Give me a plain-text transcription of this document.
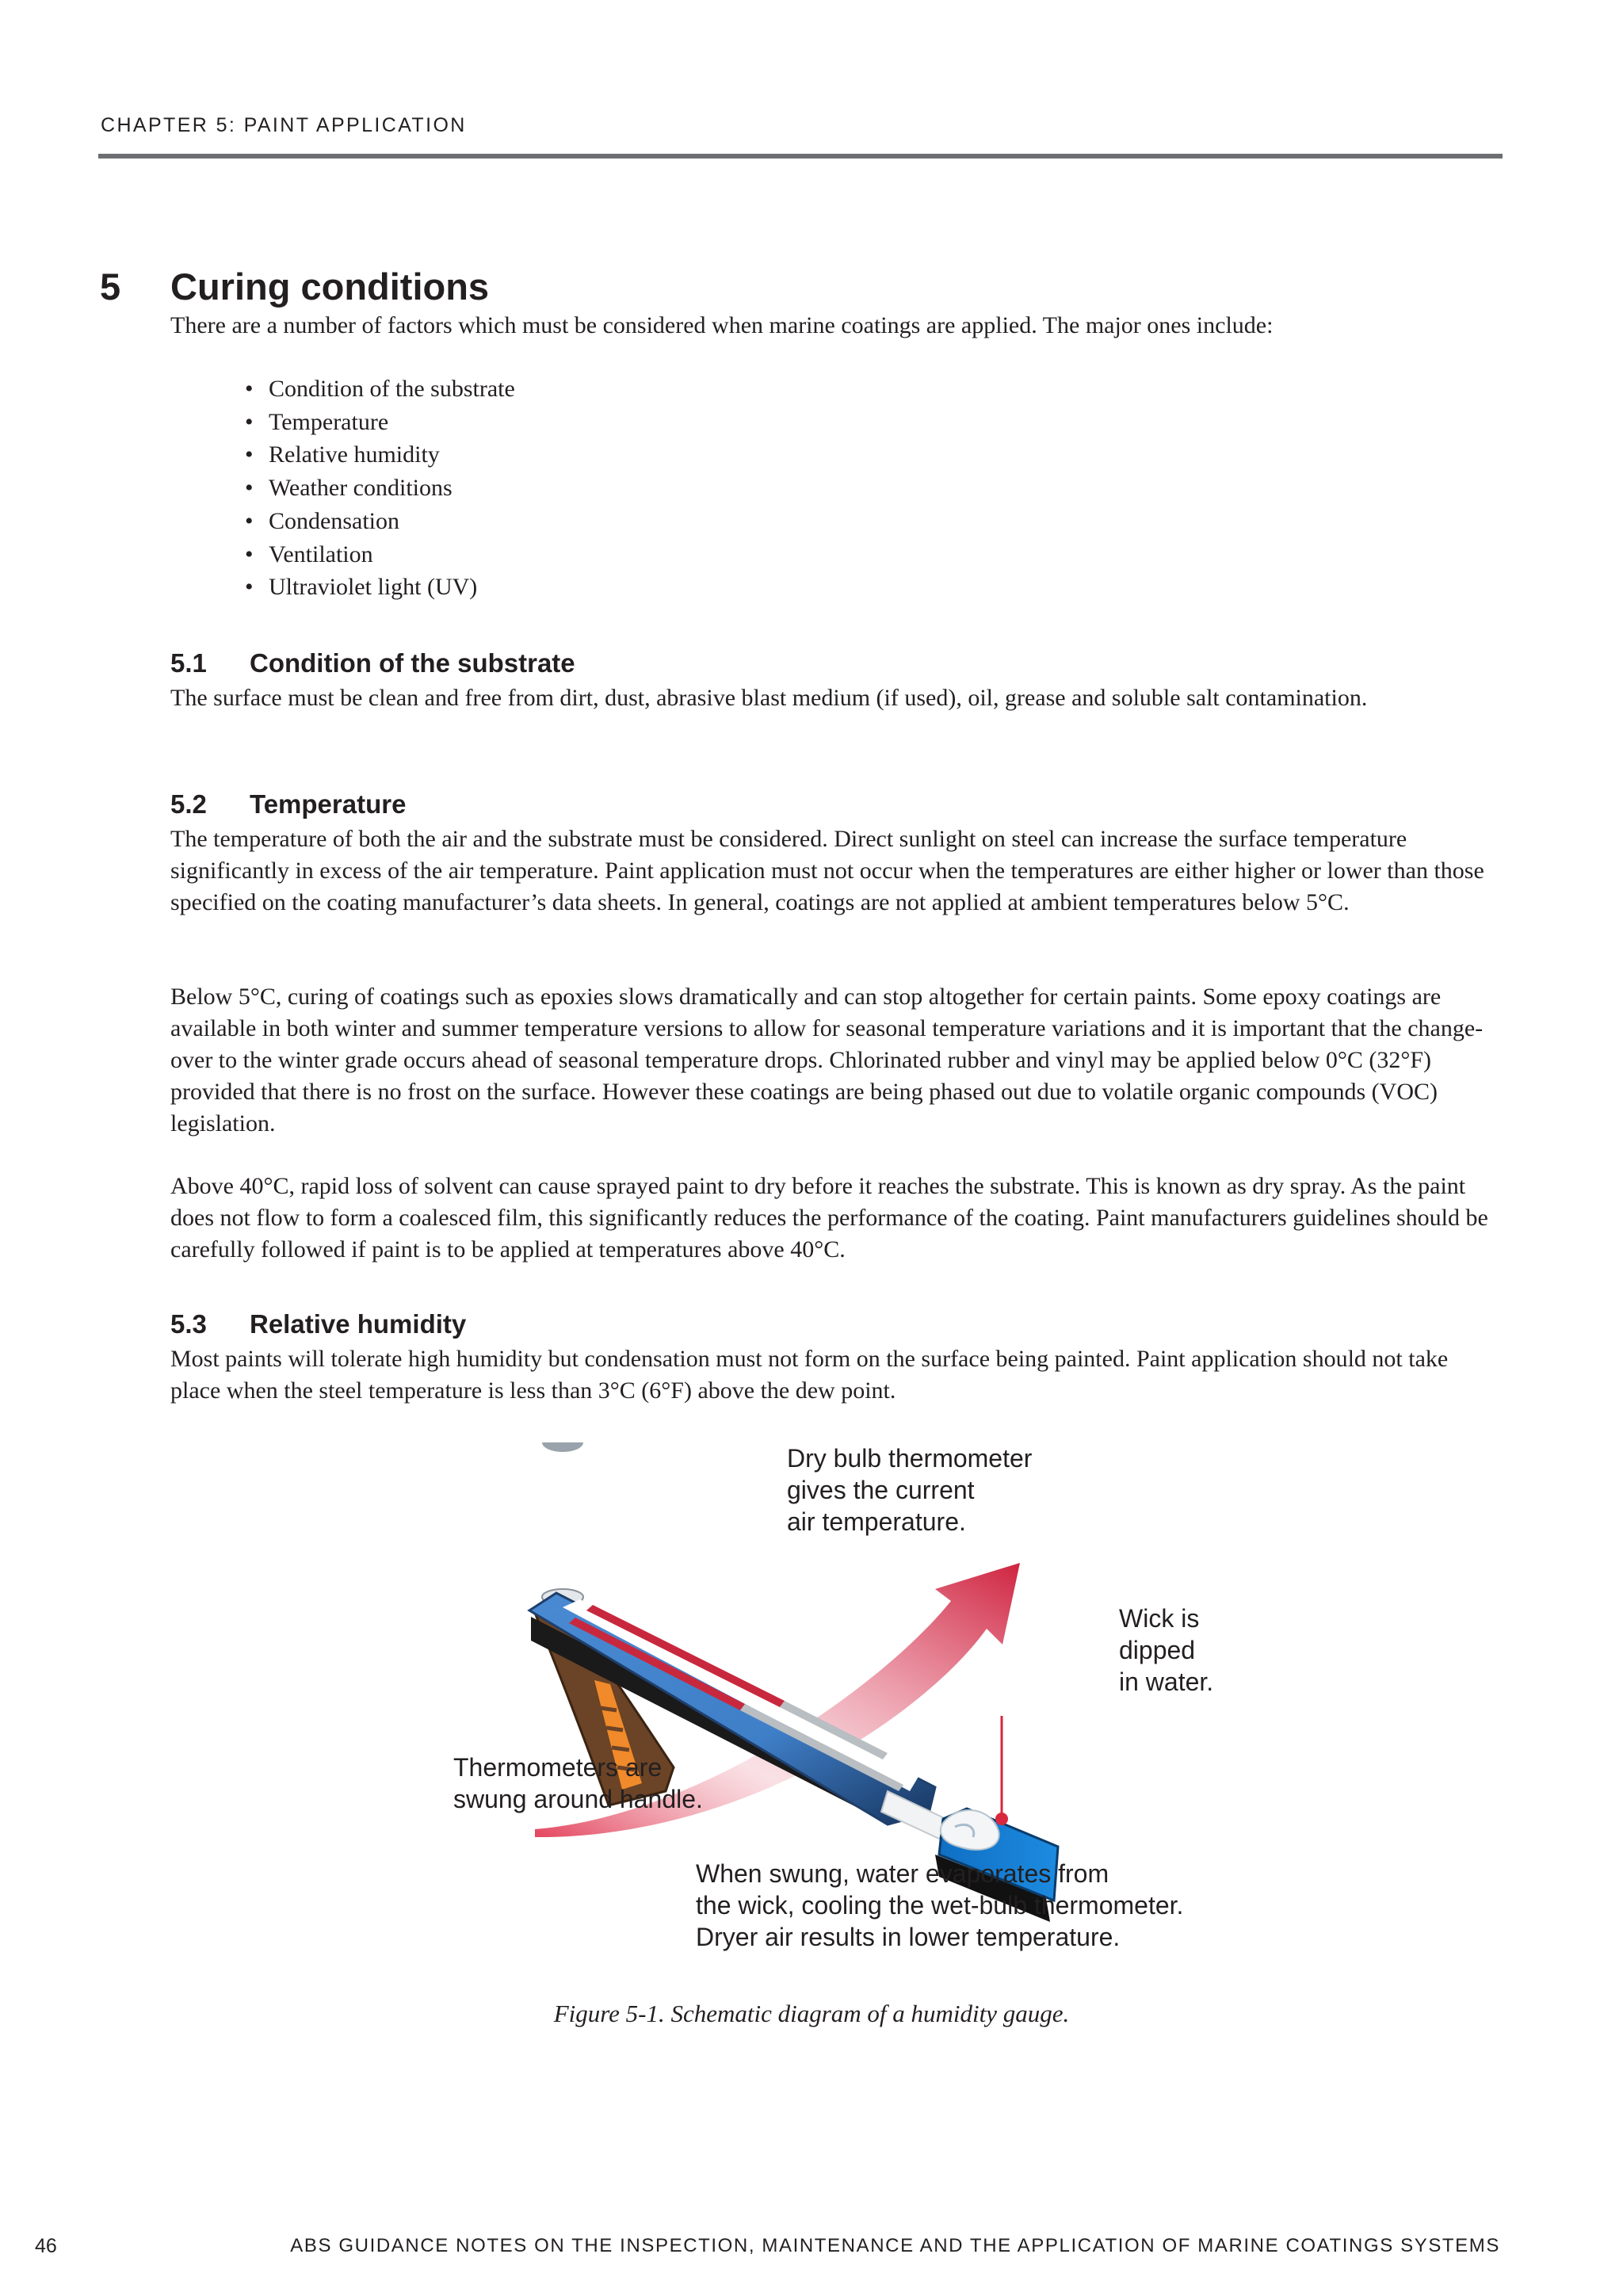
CHAPTER 5: PAINT APPLICATION
5 Curing conditions
There are a number of factors which must be considered when marine coatings are applied. The major ones include:
• Condition of the substrate
• Temperature
• Relative humidity
• Weather conditions
• Condensation
• Ventilation
• Ultraviolet light (UV)
5.1 Condition of the substrate
The surface must be clean and free from dirt, dust, abrasive blast medium (if used), oil, grease and soluble salt contamination.
5.2 Temperature
The temperature of both the air and the substrate must be considered. Direct sunlight on steel can increase the surface temperature significantly in excess of the air temperature. Paint application must not occur when the temperatures are either higher or lower than those specified on the coating manufacturer’s data sheets. In general, coatings are not applied at ambient temperatures below 5°C.
Below 5°C, curing of coatings such as epoxies slows dramatically and can stop altogether for certain paints. Some epoxy coatings are available in both winter and summer temperature versions to allow for seasonal temperature variations and it is important that the change-over to the winter grade occurs ahead of seasonal temperature drops. Chlorinated rubber and vinyl may be applied below 0°C (32°F) provided that there is no frost on the surface. However these coatings are being phased out due to volatile organic compounds (VOC) legislation.
Above 40°C, rapid loss of solvent can cause sprayed paint to dry before it reaches the substrate. This is known as dry spray. As the paint does not flow to form a coalesced film, this significantly reduces the performance of the coating. Paint manufacturers guidelines should be carefully followed if paint is to be applied at temperatures above 40°C.
5.3 Relative humidity
Most paints will tolerate high humidity but condensation must not form on the surface being painted. Paint application should not take place when the steel temperature is less than 3°C (6°F) above the dew point.
Dry bulb thermometer
gives the current
air temperature.
Wick is
dipped
in water.
Thermometers are
swung around handle.
When swung, water evaporates from
the wick, cooling the wet-bulb thermometer.
Dryer air results in lower temperature.
Figure 5-1. Schematic diagram of a humidity gauge.
46	ABS GUIDANCE NOTES ON THE INSPECTION, MAINTENANCE AND THE APPLICATION OF MARINE COATINGS SYSTEMS
